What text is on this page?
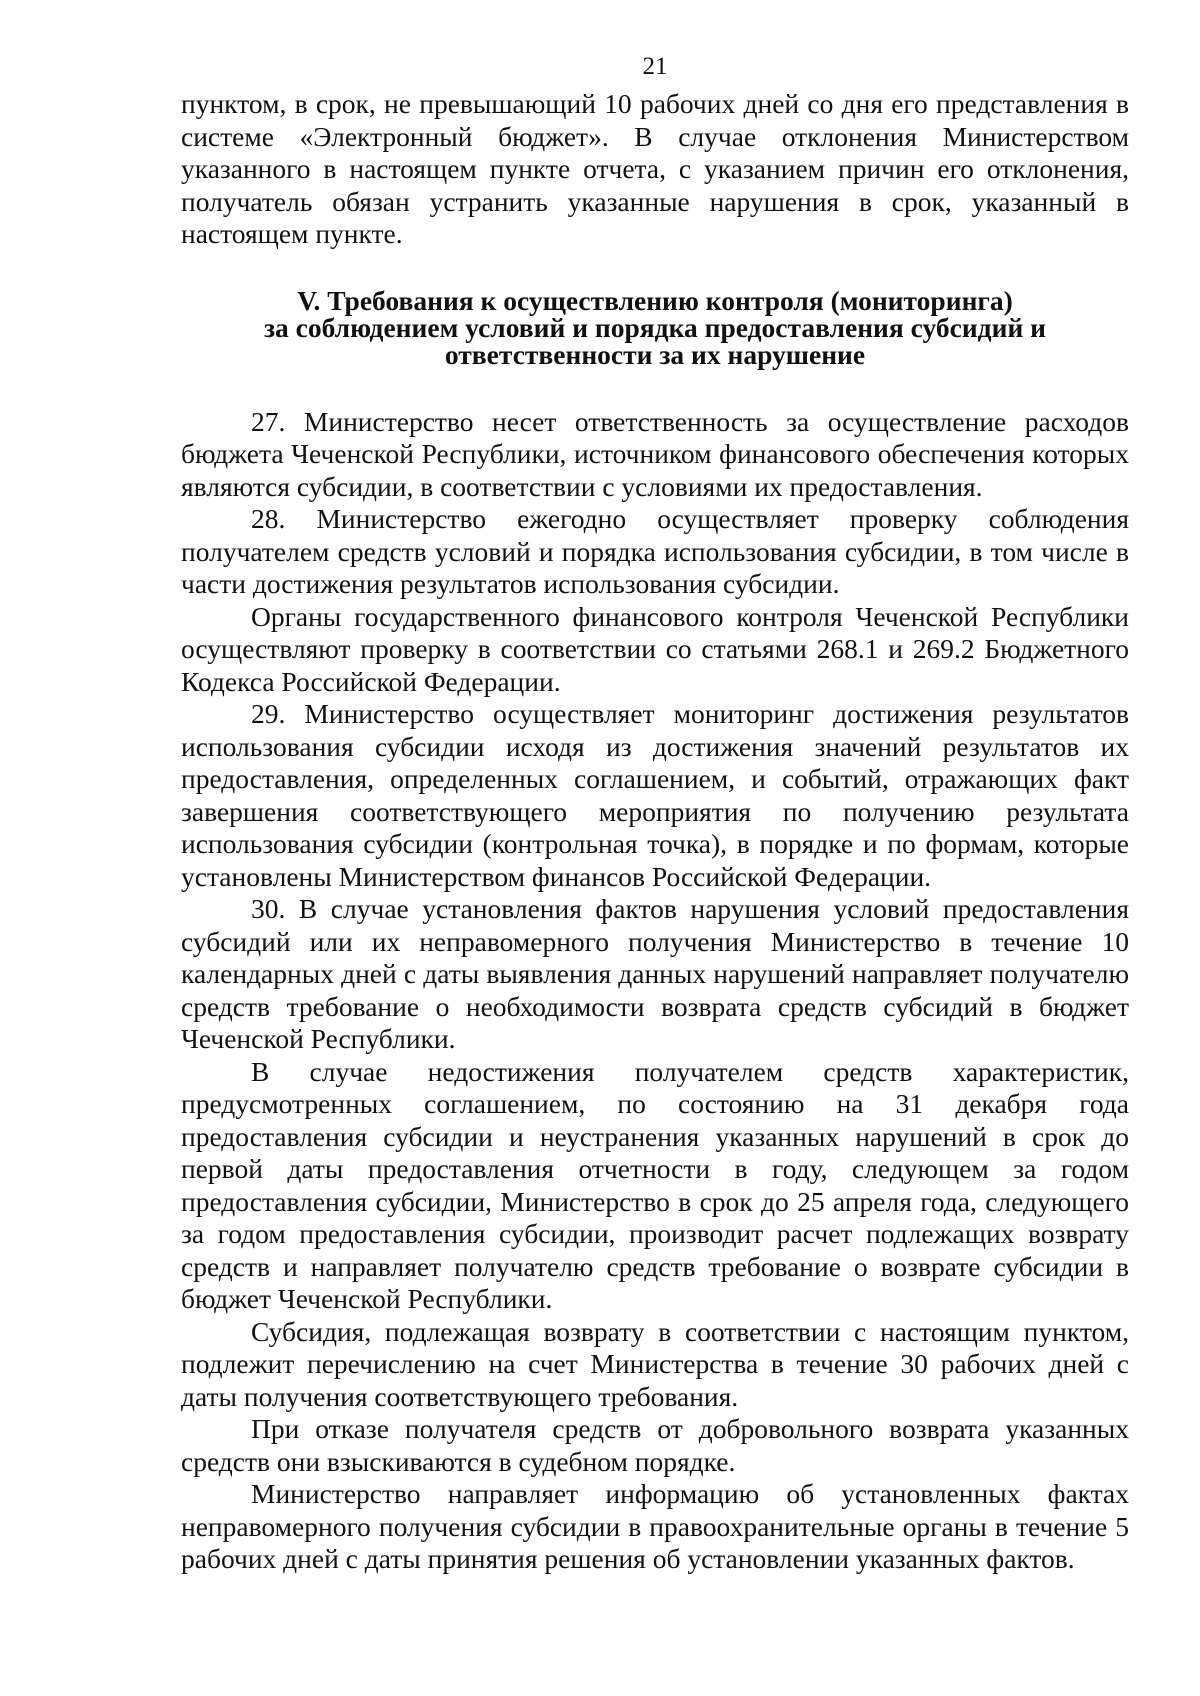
21

пунктом, в срок, не превышающий 10 рабочих дней со дня его представления в системе «Электронный бюджет». В случае отклонения Министерством указанного в настоящем пункте отчета, с указанием причин его отклонения, получатель обязан устранить указанные нарушения в срок, указанный в настоящем пункте.

V. Требования к осуществлению контроля (мониторинга)
за соблюдением условий и порядка предоставления субсидий и
ответственности за их нарушение

27. Министерство несет ответственность за осуществление расходов бюджета Чеченской Республики, источником финансового обеспечения которых являются субсидии, в соответствии с условиями их предоставления.

28. Министерство ежегодно осуществляет проверку соблюдения получателем средств условий и порядка использования субсидии, в том числе в части достижения результатов использования субсидии.

Органы государственного финансового контроля Чеченской Республики осуществляют проверку в соответствии со статьями 268.1 и 269.2 Бюджетного Кодекса Российской Федерации.

29. Министерство осуществляет мониторинг достижения результатов использования субсидии исходя из достижения значений результатов их предоставления, определенных соглашением, и событий, отражающих факт завершения соответствующего мероприятия по получению результата использования субсидии (контрольная точка), в порядке и по формам, которые установлены Министерством финансов Российской Федерации.

30. В случае установления фактов нарушения условий предоставления субсидий или их неправомерного получения Министерство в течение 10 календарных дней с даты выявления данных нарушений направляет получателю средств требование о необходимости возврата средств субсидий в бюджет Чеченской Республики.

В случае недостижения получателем средств характеристик, предусмотренных соглашением, по состоянию на 31 декабря года предоставления субсидии и неустранения указанных нарушений в срок до первой даты предоставления отчетности в году, следующем за годом предоставления субсидии, Министерство в срок до 25 апреля года, следующего за годом предоставления субсидии, производит расчет подлежащих возврату средств и направляет получателю средств требование о возврате субсидии в бюджет Чеченской Республики.

Субсидия, подлежащая возврату в соответствии с настоящим пунктом, подлежит перечислению на счет Министерства в течение 30 рабочих дней с даты получения соответствующего требования.

При отказе получателя средств от добровольного возврата указанных средств они взыскиваются в судебном порядке.

Министерство направляет информацию об установленных фактах неправомерного получения субсидии в правоохранительные органы в течение 5 рабочих дней с даты принятия решения об установлении указанных фактов.
